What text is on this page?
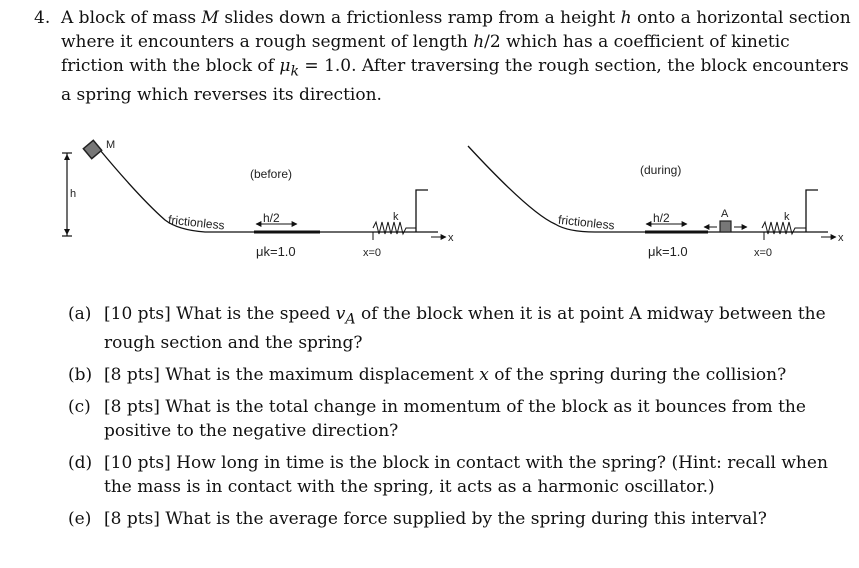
4. A block of mass M slides down a frictionless ramp from a height h onto a horizontal section where it encounters a rough segment of length h/2 which has a coefficient of kinetic friction with the block of $\mu_k = 1.0$. After traversing the rough section, the block encounters a spring which reverses its direction.
h
M
(before)
frictionless	h/2
μk=1.0
k
x=0
x
(during)
frictionless	h/2
μk=1.0
A	k
x=0
x
(a) [10 pts] What is the speed $v_A$ of the block when it is at point A midway between the rough section and the spring?
(b) [8 pts] What is the maximum displacement x of the spring during the collision?
(c) [8 pts] What is the total change in momentum of the block as it bounces from the positive to the negative direction?
(d) [10 pts] How long in time is the block in contact with the spring? (Hint: recall when the mass is in contact with the spring, it acts as a harmonic oscillator.)
(e) [8 pts] What is the average force supplied by the spring during this interval?
